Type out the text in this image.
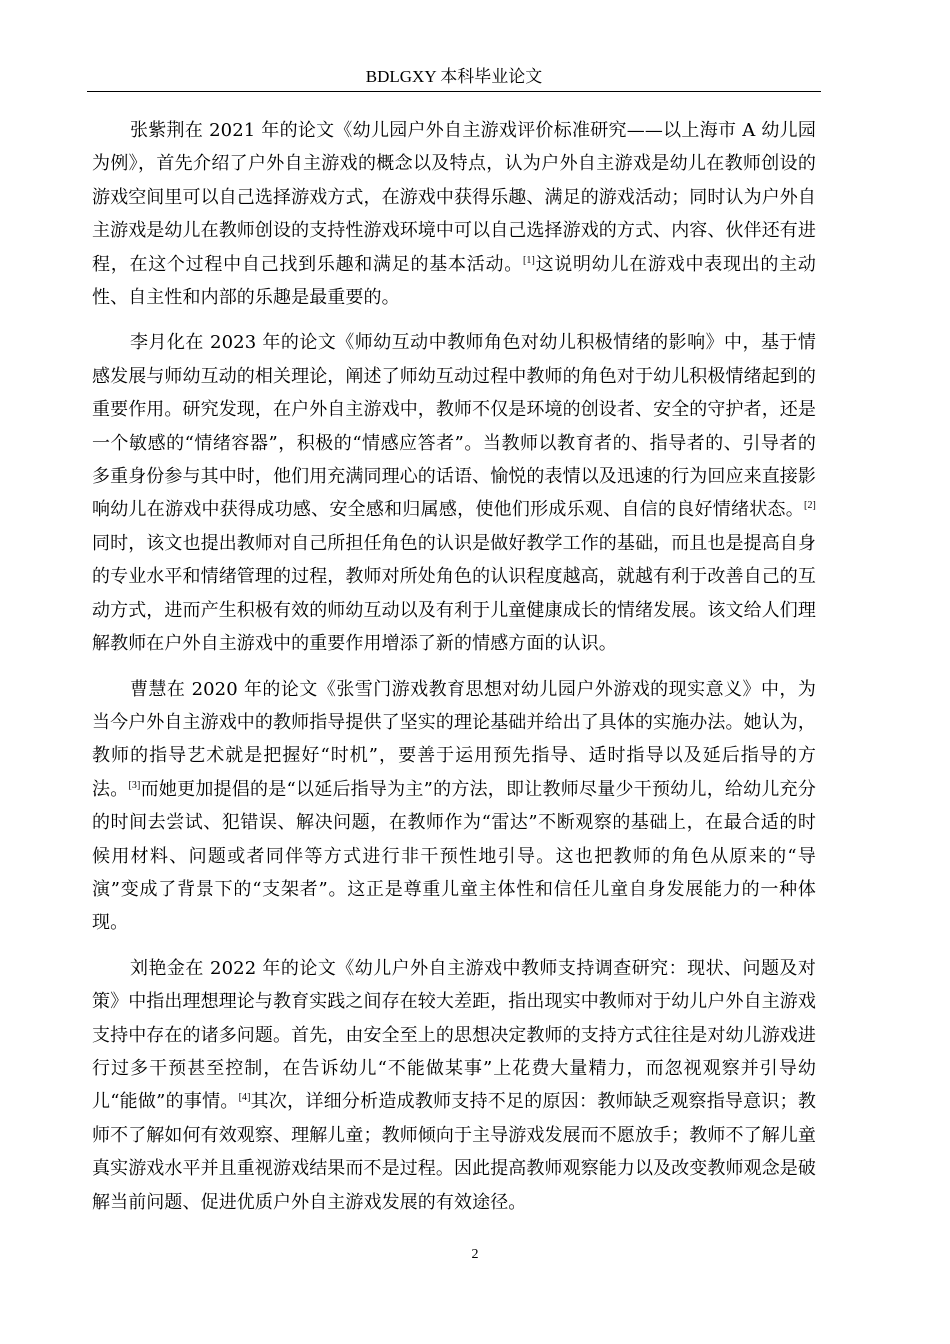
BDLGXY 本科毕业论文

张紫荆在 2021 年的论文《幼儿园户外自主游戏评价标准研究——以上海市 A 幼儿园为例》，首先介绍了户外自主游戏的概念以及特点，认为户外自主游戏是幼儿在教师创设的游戏空间里可以自己选择游戏方式，在游戏中获得乐趣、满足的游戏活动；同时认为户外自主游戏是幼儿在教师创设的支持性游戏环境中可以自己选择游戏的方式、内容、伙伴还有进程，在这个过程中自己找到乐趣和满足的基本活动。[1]这说明幼儿在游戏中表现出的主动性、自主性和内部的乐趣是最重要的。

李月化在 2023 年的论文《师幼互动中教师角色对幼儿积极情绪的影响》中，基于情感发展与师幼互动的相关理论，阐述了师幼互动过程中教师的角色对于幼儿积极情绪起到的重要作用。研究发现，在户外自主游戏中，教师不仅是环境的创设者、安全的守护者，还是一个敏感的“情绪容器”，积极的“情感应答者”。当教师以教育者的、指导者的、引导者的多重身份参与其中时，他们用充满同理心的话语、愉悦的表情以及迅速的行为回应来直接影响幼儿在游戏中获得成功感、安全感和归属感，使他们形成乐观、自信的良好情绪状态。[2]同时，该文也提出教师对自己所担任角色的认识是做好教学工作的基础，而且也是提高自身的专业水平和情绪管理的过程，教师对所处角色的认识程度越高，就越有利于改善自己的互动方式，进而产生积极有效的师幼互动以及有利于儿童健康成长的情绪发展。该文给人们理解教师在户外自主游戏中的重要作用增添了新的情感方面的认识。

曹慧在 2020 年的论文《张雪门游戏教育思想对幼儿园户外游戏的现实意义》中，为当今户外自主游戏中的教师指导提供了坚实的理论基础并给出了具体的实施办法。她认为，教师的指导艺术就是把握好“时机”，要善于运用预先指导、适时指导以及延后指导的方法。[3]而她更加提倡的是“以延后指导为主”的方法，即让教师尽量少干预幼儿，给幼儿充分的时间去尝试、犯错误、解决问题，在教师作为“雷达”不断观察的基础上，在最合适的时候用材料、问题或者同伴等方式进行非干预性地引导。这也把教师的角色从原来的“导演”变成了背景下的“支架者”。这正是尊重儿童主体性和信任儿童自身发展能力的一种体现。

刘艳金在 2022 年的论文《幼儿户外自主游戏中教师支持调查研究：现状、问题及对策》中指出理想理论与教育实践之间存在较大差距，指出现实中教师对于幼儿户外自主游戏支持中存在的诸多问题。首先，由安全至上的思想决定教师的支持方式往往是对幼儿游戏进行过多干预甚至控制，在告诉幼儿“不能做某事”上花费大量精力，而忽视观察并引导幼儿“能做”的事情。[4]其次，详细分析造成教师支持不足的原因：教师缺乏观察指导意识；教师不了解如何有效观察、理解儿童；教师倾向于主导游戏发展而不愿放手；教师不了解儿童真实游戏水平并且重视游戏结果而不是过程。因此提高教师观察能力以及改变教师观念是破解当前问题、促进优质户外自主游戏发展的有效途径。

2
